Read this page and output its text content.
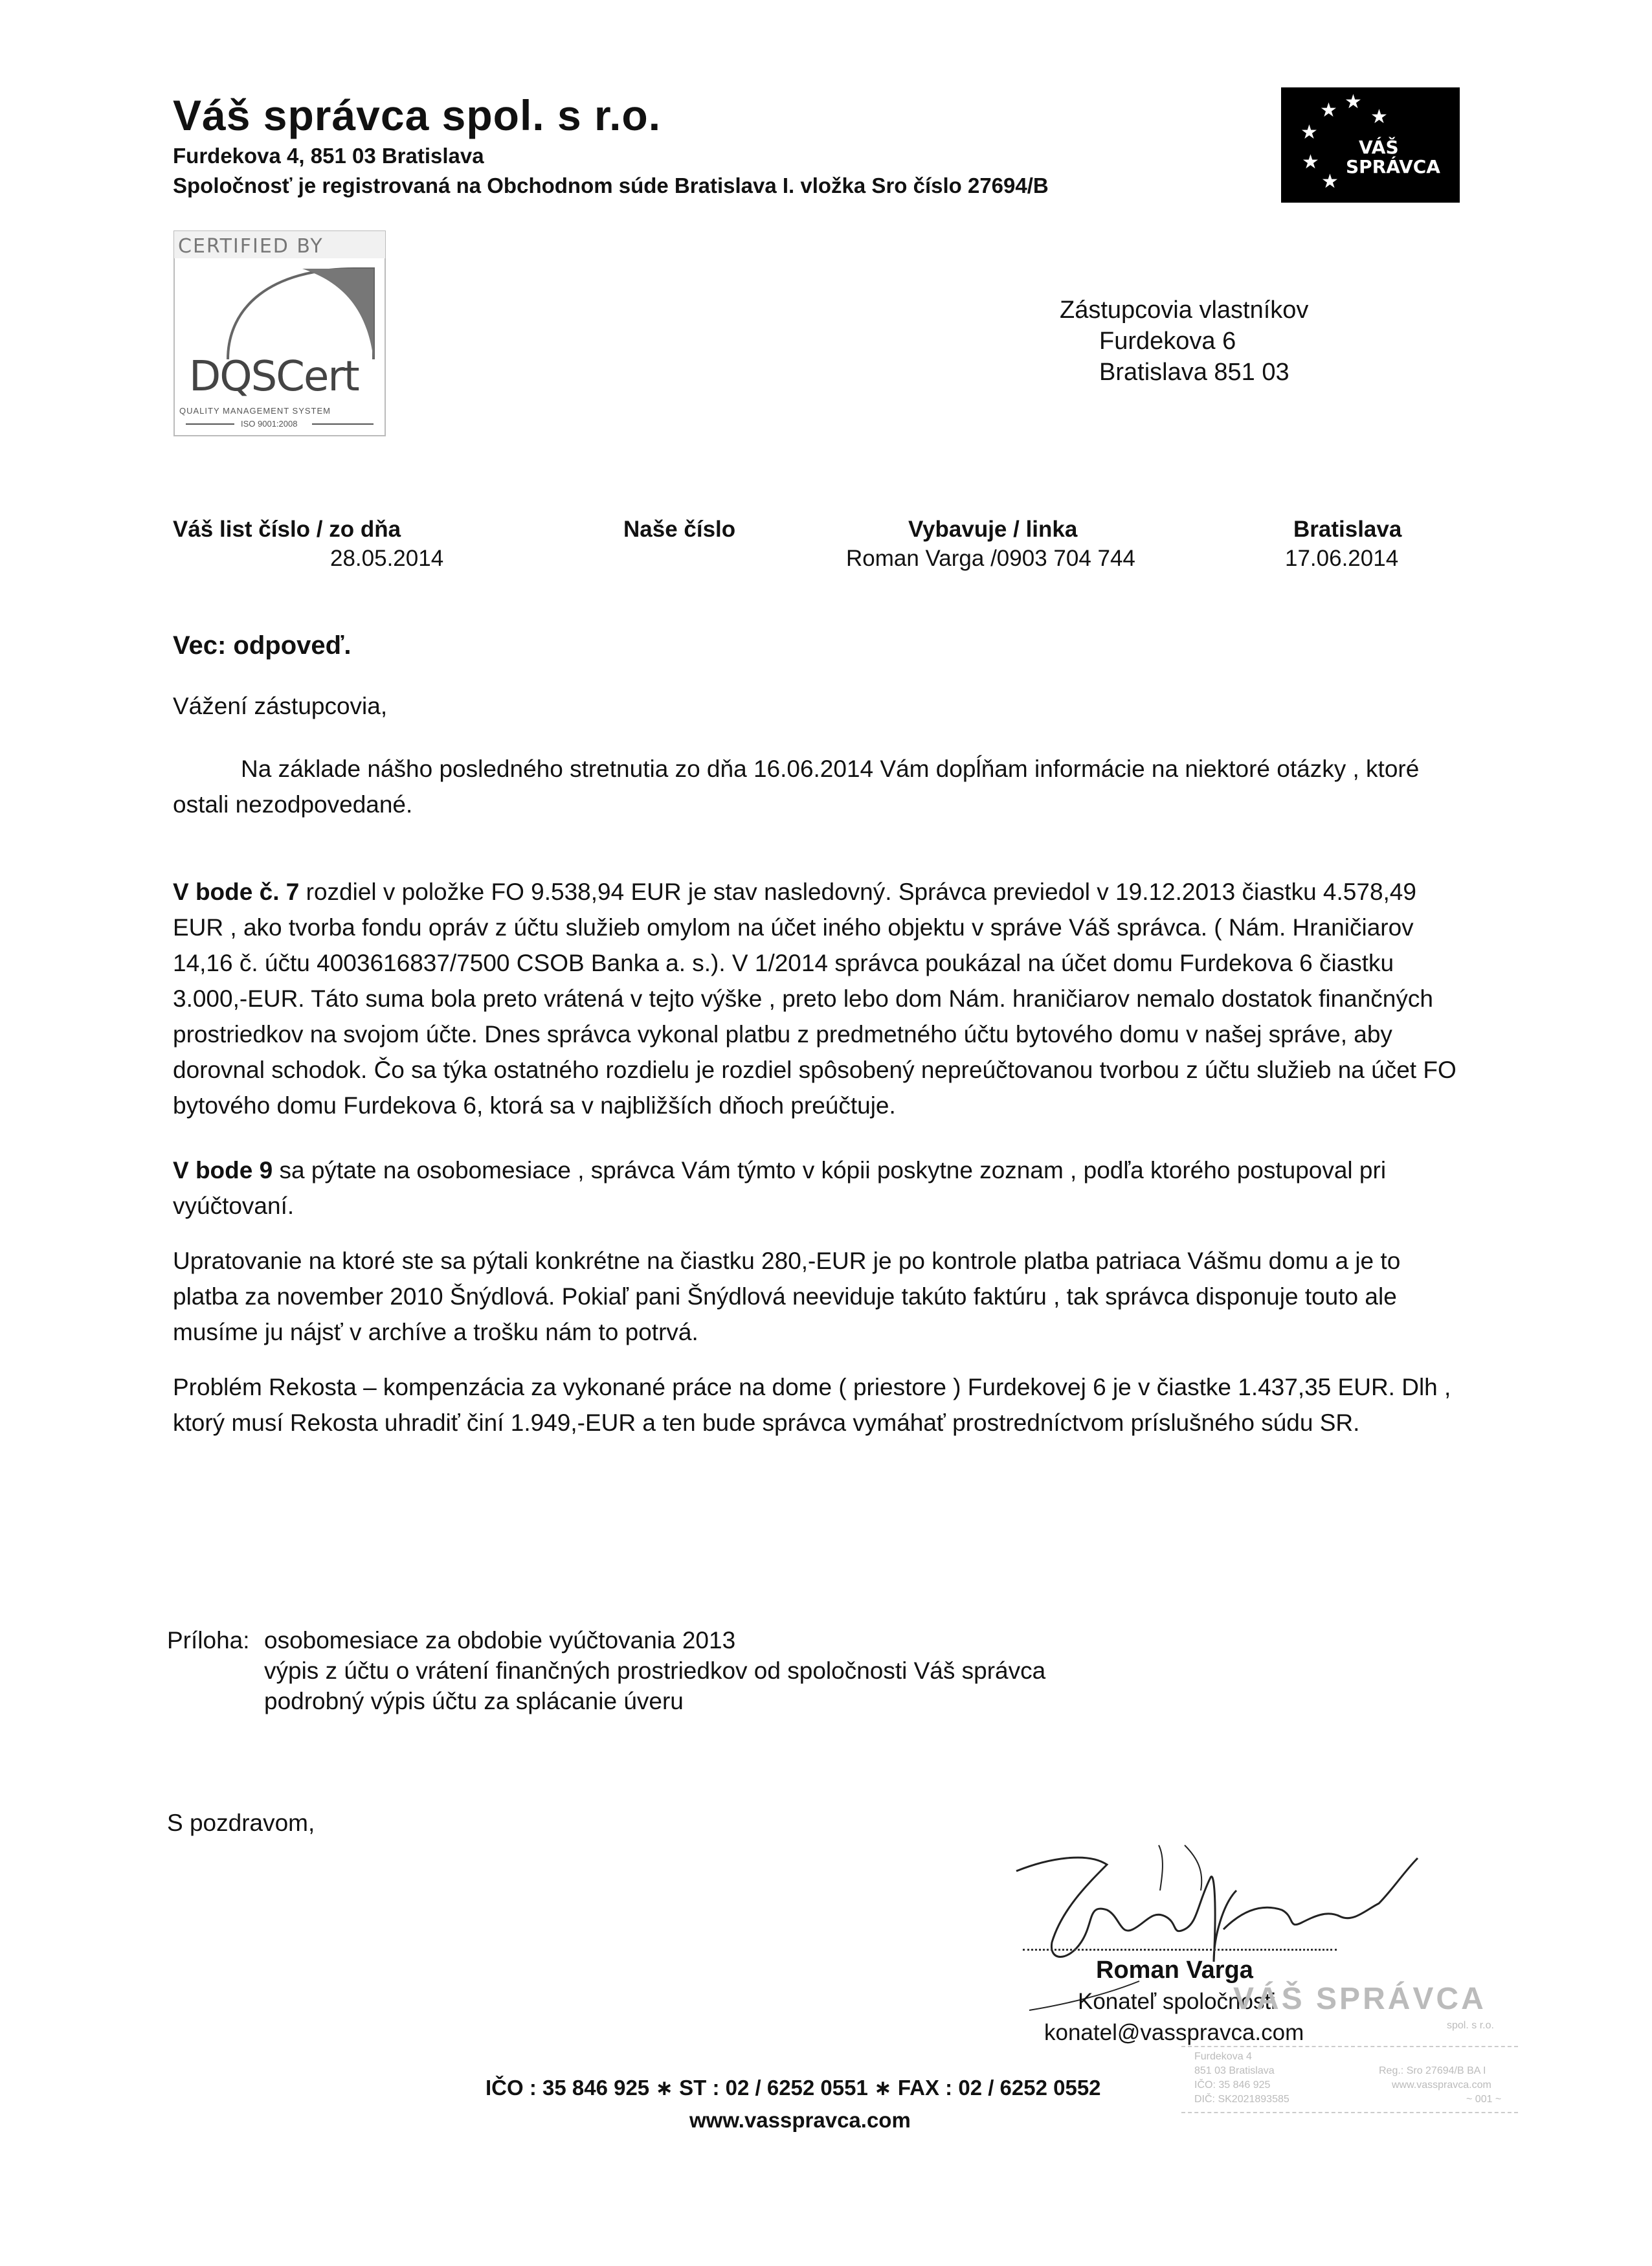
Váš správca spol. s r.o.
Furdekova 4, 851 03 Bratislava
Spoločnosť je registrovaná na Obchodnom súde Bratislava I. vložka Sro číslo 27694/B
★ ★
★
★
★
★
VÁŠ
SPRÁVCA
CERTIFIED BY
DQSCert
QUALITY MANAGEMENT SYSTEM
ISO 9001:2008
Zástupcovia vlastníkov
Furdekova 6
Bratislava 851 03
Váš list číslo / zo dňa
28.05.2014
Naše číslo	Vybavuje / linka
Roman Varga /0903 704 744
Bratislava
17.06.2014
Vec: odpoveď.
Vážení zástupcovia,
Na základe nášho posledného stretnutia zo dňa 16.06.2014 Vám dopĺňam informácie na niektoré otázky , ktoré ostali nezodpovedané.
V bode č. 7 rozdiel v položke FO 9.538,94 EUR je stav nasledovný. Správca previedol v 19.12.2013 čiastku 4.578,49 EUR , ako tvorba fondu opráv z účtu služieb omylom na účet iného objektu v správe Váš správca. ( Nám. Hraničiarov 14,16 č. účtu 4003616837/7500 CSOB Banka a. s.). V 1/2014 správca poukázal na účet domu Furdekova 6 čiastku 3.000,-EUR. Táto suma bola preto vrátená v tejto výške , preto lebo dom Nám. hraničiarov nemalo dostatok finančných prostriedkov na svojom účte. Dnes správca vykonal platbu z predmetného účtu bytového domu v našej správe, aby dorovnal schodok. Čo sa týka ostatného rozdielu je rozdiel spôsobený nepreúčtovanou tvorbou z účtu služieb na účet FO bytového domu Furdekova 6, ktorá sa v najbližších dňoch preúčtuje.
V bode 9 sa pýtate na osobomesiace , správca Vám týmto v kópii poskytne zoznam , podľa ktorého postupoval pri vyúčtovaní.
Upratovanie na ktoré ste sa pýtali konkrétne na čiastku 280,-EUR je po kontrole platba patriaca Vášmu domu a je to platba za november 2010 Šnýdlová. Pokiaľ pani Šnýdlová neeviduje takúto faktúru , tak správca disponuje touto ale musíme ju nájsť v archíve a trošku nám to potrvá.
Problém Rekosta – kompenzácia za vykonané práce na dome ( priestore ) Furdekovej 6 je v čiastke 1.437,35 EUR. Dlh , ktorý musí Rekosta uhradiť činí 1.949,-EUR a ten bude správca vymáhať prostredníctvom príslušného súdu SR.
Príloha: osobomesiace za obdobie vyúčtovania 2013
výpis z účtu o vrátení finančných prostriedkov od spoločnosti Váš správca
podrobný výpis účtu za splácanie úveru
S pozdravom,
Roman Varga
Konateľ spoločnosti
konatel@vasspravca.com
VÁŠ SPRÁVCA
spol. s r.o.
Furdekova 4
851 03 Bratislava
IČO: 35 846 925
DIČ: SK2021893585
Reg.: Sro 27694/B BA I
www.vasspravca.com
~ 001 ~
IČO : 35 846 925 ∗ ST : 02 / 6252 0551 ∗ FAX : 02 / 6252 0552
www.vasspravca.com
